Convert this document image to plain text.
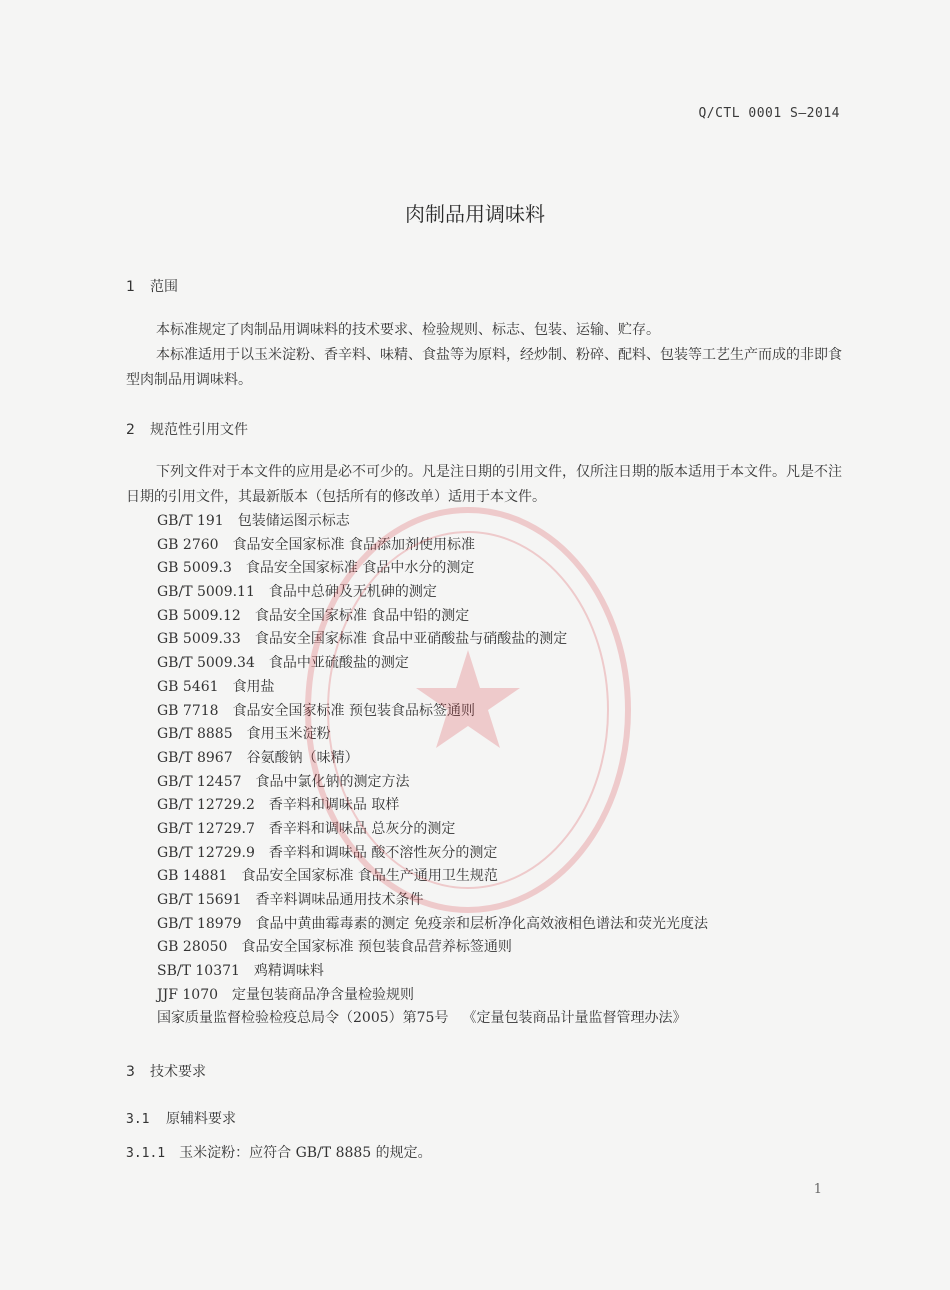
Q/CTL 0001 S—2014
肉制品用调味料
1 范围

本标准规定了肉制品用调味料的技术要求、检验规则、标志、包装、运输、贮存。

本标准适用于以玉米淀粉、香辛料、味精、食盐等为原料，经炒制、粉碎、配料、包装等工艺生产而成的非即食型肉制品用调味料。

2 规范性引用文件

下列文件对于本文件的应用是必不可少的。凡是注日期的引用文件，仅所注日期的版本适用于本文件。凡是不注日期的引用文件，其最新版本（包括所有的修改单）适用于本文件。

GB/T 191 包装储运图示标志
GB 2760 食品安全国家标准 食品添加剂使用标准
GB 5009.3 食品安全国家标准 食品中水分的测定
GB/T 5009.11 食品中总砷及无机砷的测定
GB 5009.12 食品安全国家标准 食品中铅的测定
GB 5009.33 食品安全国家标准 食品中亚硝酸盐与硝酸盐的测定
GB/T 5009.34 食品中亚硫酸盐的测定
GB 5461 食用盐
GB 7718 食品安全国家标准 预包装食品标签通则
GB/T 8885 食用玉米淀粉
GB/T 8967 谷氨酸钠（味精）
GB/T 12457 食品中氯化钠的测定方法
GB/T 12729.2 香辛料和调味品 取样
GB/T 12729.7 香辛料和调味品 总灰分的测定
GB/T 12729.9 香辛料和调味品 酸不溶性灰分的测定
GB 14881 食品安全国家标准 食品生产通用卫生规范
GB/T 15691 香辛料调味品通用技术条件
GB/T 18979 食品中黄曲霉毒素的测定 免疫亲和层析净化高效液相色谱法和荧光光度法
GB 28050 食品安全国家标准 预包装食品营养标签通则
SB/T 10371 鸡精调味料
JJF 1070 定量包装商品净含量检验规则
国家质量监督检验检疫总局令（2005）第75号 《定量包装商品计量监督管理办法》
3 技术要求
3.1 原辅料要求
3.1.1 玉米淀粉：应符合 GB/T 8885 的规定。
1
